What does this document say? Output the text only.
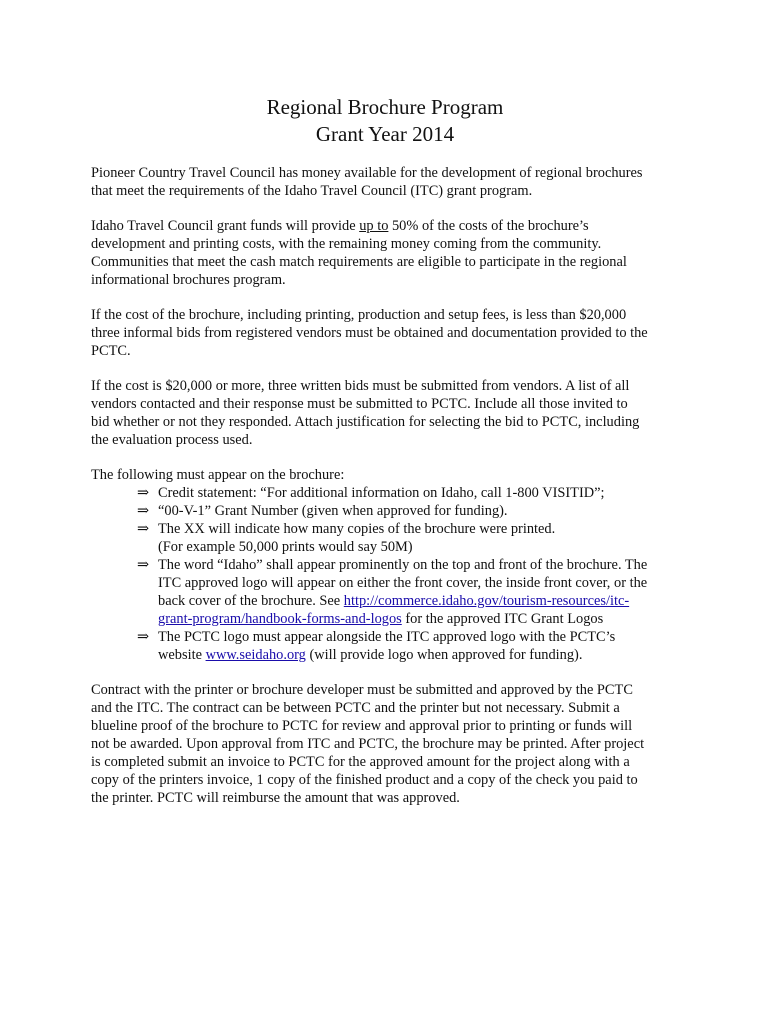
Regional Brochure Program
Grant Year 2014

Pioneer Country Travel Council has money available for the development of regional brochures
that meet the requirements of the Idaho Travel Council (ITC) grant program.

Idaho Travel Council grant funds will provide up to 50% of the costs of the brochure’s
development and printing costs, with the remaining money coming from the community.
Communities that meet the cash match requirements are eligible to participate in the regional
informational brochures program.

If the cost of the brochure, including printing, production and setup fees, is less than $20,000
three informal bids from registered vendors must be obtained and documentation provided to the
PCTC.

If the cost is $20,000 or more, three written bids must be submitted from vendors. A list of all
vendors contacted and their response must be submitted to PCTC. Include all those invited to
bid whether or not they responded. Attach justification for selecting the bid to PCTC, including
the evaluation process used.

The following must appear on the brochure:
⇒ Credit statement: “For additional information on Idaho, call 1-800 VISITID”;
⇒ “00-V-1” Grant Number (given when approved for funding).
⇒ The XX will indicate how many copies of the brochure were printed.
(For example 50,000 prints would say 50M)
⇒ The word “Idaho” shall appear prominently on the top and front of the brochure. The
ITC approved logo will appear on either the front cover, the inside front cover, or the
back cover of the brochure. See http://commerce.idaho.gov/tourism-resources/itc-
grant-program/handbook-forms-and-logos for the approved ITC Grant Logos
⇒ The PCTC logo must appear alongside the ITC approved logo with the PCTC’s
website www.seidaho.org (will provide logo when approved for funding).

Contract with the printer or brochure developer must be submitted and approved by the PCTC
and the ITC. The contract can be between PCTC and the printer but not necessary. Submit a
blueline proof of the brochure to PCTC for review and approval prior to printing or funds will
not be awarded. Upon approval from ITC and PCTC, the brochure may be printed. After project
is completed submit an invoice to PCTC for the approved amount for the project along with a
copy of the printers invoice, 1 copy of the finished product and a copy of the check you paid to
the printer. PCTC will reimburse the amount that was approved.
